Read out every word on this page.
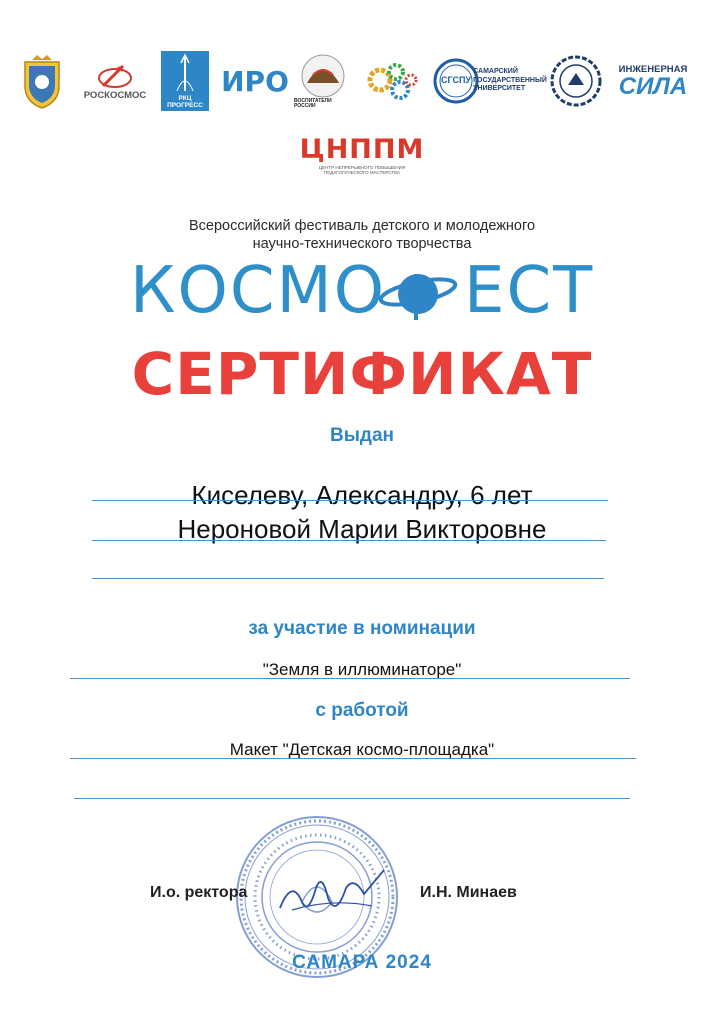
РОСКОСМОС	РКЦ ПРОГРЕСС
ИРО
ВОСПИТАТЕЛИ РОССИИ
СГСПУ
САМАРСКИЙ ГОСУДАРСТВЕННЫЙ УНИВЕРСИТЕТ
ИНЖЕНЕРНАЯ
СИЛА
ЦНППМ
ЦЕНТР НЕПРЕРЫВНОГО ПОВЫШЕНИЯ ПЕДАГОГИЧЕСКОГО МАСТЕРСТВА
Всероссийский фестиваль детского и молодежного
научно-технического творчества
КОСМО ЕСТ
СЕРТИФИКАТ
Выдан
Киселеву, Александру, 6 лет
Нероновой Марии Викторовне
за участие в номинации
"Земля в иллюминаторе"
с работой
Макет "Детская космо-площадка"
И.о. ректора	И.Н. Минаев
САМАРА 2024
